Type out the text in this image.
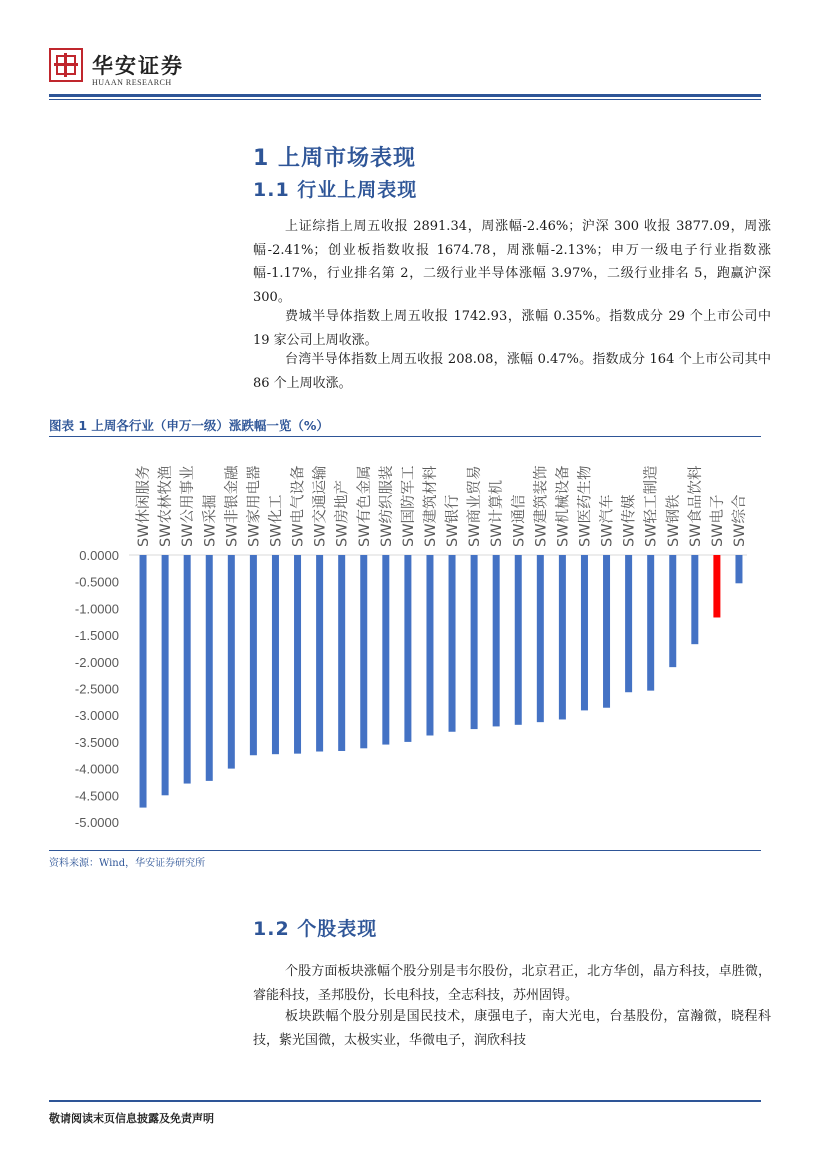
华安证券
HUAAN RESEARCH
1 上周市场表现
1.1 行业上周表现
上证综指上周五收报 2891.34，周涨幅-2.46%；沪深 300 收报 3877.09，周涨幅-2.41%；创业板指数收报 1674.78，周涨幅-2.13%；申万一级电子行业指数涨幅-1.17%，行业排名第 2，二级行业半导体涨幅 3.97%，二级行业排名 5，跑赢沪深 300。
费城半导体指数上周五收报 1742.93，涨幅 0.35%。指数成分 29 个上市公司中 19 家公司上周收涨。
台湾半导体指数上周五收报 208.08，涨幅 0.47%。指数成分 164 个上市公司其中 86 个上周收涨。
图表 1 上周各行业（申万一级）涨跌幅一览（%）
0.0000
-0.5000
-1.0000
-1.5000
-2.0000
-2.5000
-3.0000
-3.5000
-4.0000
-4.5000
-5.0000
SW休闲服务 SW农林牧渔 SW公用事业 SW采掘 SW非银金融 SW家用电器 SW化工 SW电气设备 SW交通运输 SW房地产 SW有色金属 SW纺织服装 SW国防军工 SW建筑材料 SW银行 SW商业贸易 SW计算机 SW通信 SW建筑装饰 SW机械设备 SW医药生物 SW汽车 SW传媒 SW轻工制造 SW钢铁 SW食品饮料 SW电子 SW综合
资料来源：Wind，华安证券研究所
1.2 个股表现
个股方面板块涨幅个股分别是韦尔股份，北京君正，北方华创，晶方科技，卓胜微，睿能科技，圣邦股份，长电科技，全志科技，苏州固锝。
板块跌幅个股分别是国民技术，康强电子，南大光电，台基股份，富瀚微，晓程科技，紫光国微，太极实业，华微电子，润欣科技
敬请阅读末页信息披露及免责声明
